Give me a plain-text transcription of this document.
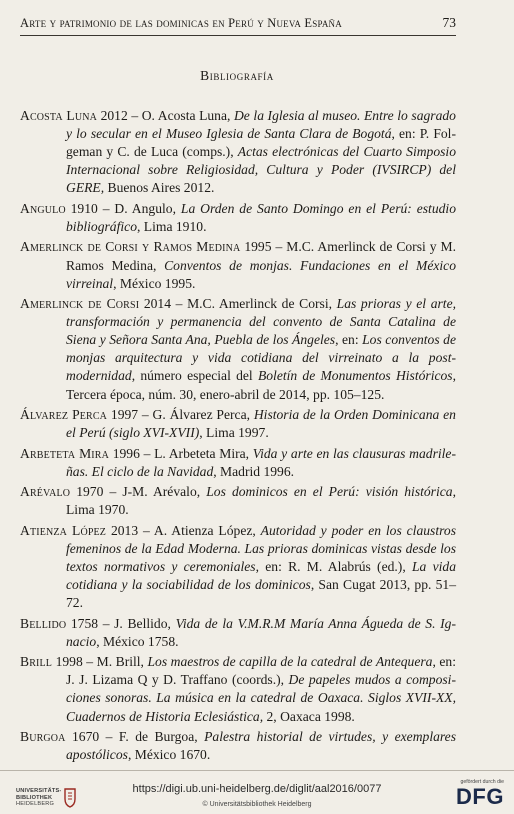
Arte y patrimonio de las dominicas en Perú y Nueva España	73
Bibliografía

Acosta Luna 2012 – O. Acosta Luna, De la Iglesia al museo. Entre lo sagrado y lo secular en el Museo Iglesia de Santa Clara de Bogotá, en: P. Folgeman y C. de Luca (comps.), Actas electrónicas del Cuarto Simposio Internacional sobre Religiosidad, Cultura y Poder (IVSIRCP) del GERE, Buenos Aires 2012.

Angulo 1910 – D. Angulo, La Orden de Santo Domingo en el Perú: estudio bibliográfico, Lima 1910.

Amerlinck de Corsi y Ramos Medina 1995 – M.C. Amerlinck de Corsi y M. Ramos Medina, Conventos de monjas. Fundaciones en el México virreinal, México 1995.

Amerlinck de Corsi 2014 – M.C. Amerlinck de Corsi, Las prioras y el arte, transformación y permanencia del convento de Santa Catalina de Siena y Señora Santa Ana, Puebla de los Ángeles, en: Los conventos de monjas arquitectura y vida cotidiana del virreinato a la postmodernidad, número especial del Boletín de Monumentos Históricos, Tercera época, núm. 30, enero-abril de 2014, pp. 105–125.

Álvarez Perca 1997 – G. Álvarez Perca, Historia de la Orden Dominicana en el Perú (siglo XVI-XVII), Lima 1997.

Arbeteta Mira 1996 – L. Arbeteta Mira, Vida y arte en las clausuras madrileñas. El ciclo de la Navidad, Madrid 1996.

Arévalo 1970 – J-M. Arévalo, Los dominicos en el Perú: visión histórica, Lima 1970.

Atienza López 2013 – A. Atienza López, Autoridad y poder en los claustros femeninos de la Edad Moderna. Las prioras dominicas vistas desde los textos normativos y ceremoniales, en: R. M. Alabrús (ed.), La vida cotidiana y la sociabilidad de los dominicos, San Cugat 2013, pp. 51–72.

Bellido 1758 – J. Bellido, Vida de la V.M.R.M María Anna Águeda de S. Ignacio, México 1758.

Brill 1998 – M. Brill, Los maestros de capilla de la catedral de Antequera, en: J. J. Lizama Q y D. Traffano (coords.), De papeles mudos a composiciones sonoras. La música en la catedral de Oaxaca. Siglos XVII-XX, Cuadernos de Historia Eclesiástica, 2, Oaxaca 1998.

Burgoa 1670 – F. de Burgoa, Palestra historial de virtudes, y exemplares apostólicos, México 1670.

UNIVERSITÄTS-
BIBLIOTHEK
HEIDELBERG
https://digi.ub.uni-heidelberg.de/diglit/aal2016/0077
© Universitätsbibliothek Heidelberg
gefördert durch die
DFG
